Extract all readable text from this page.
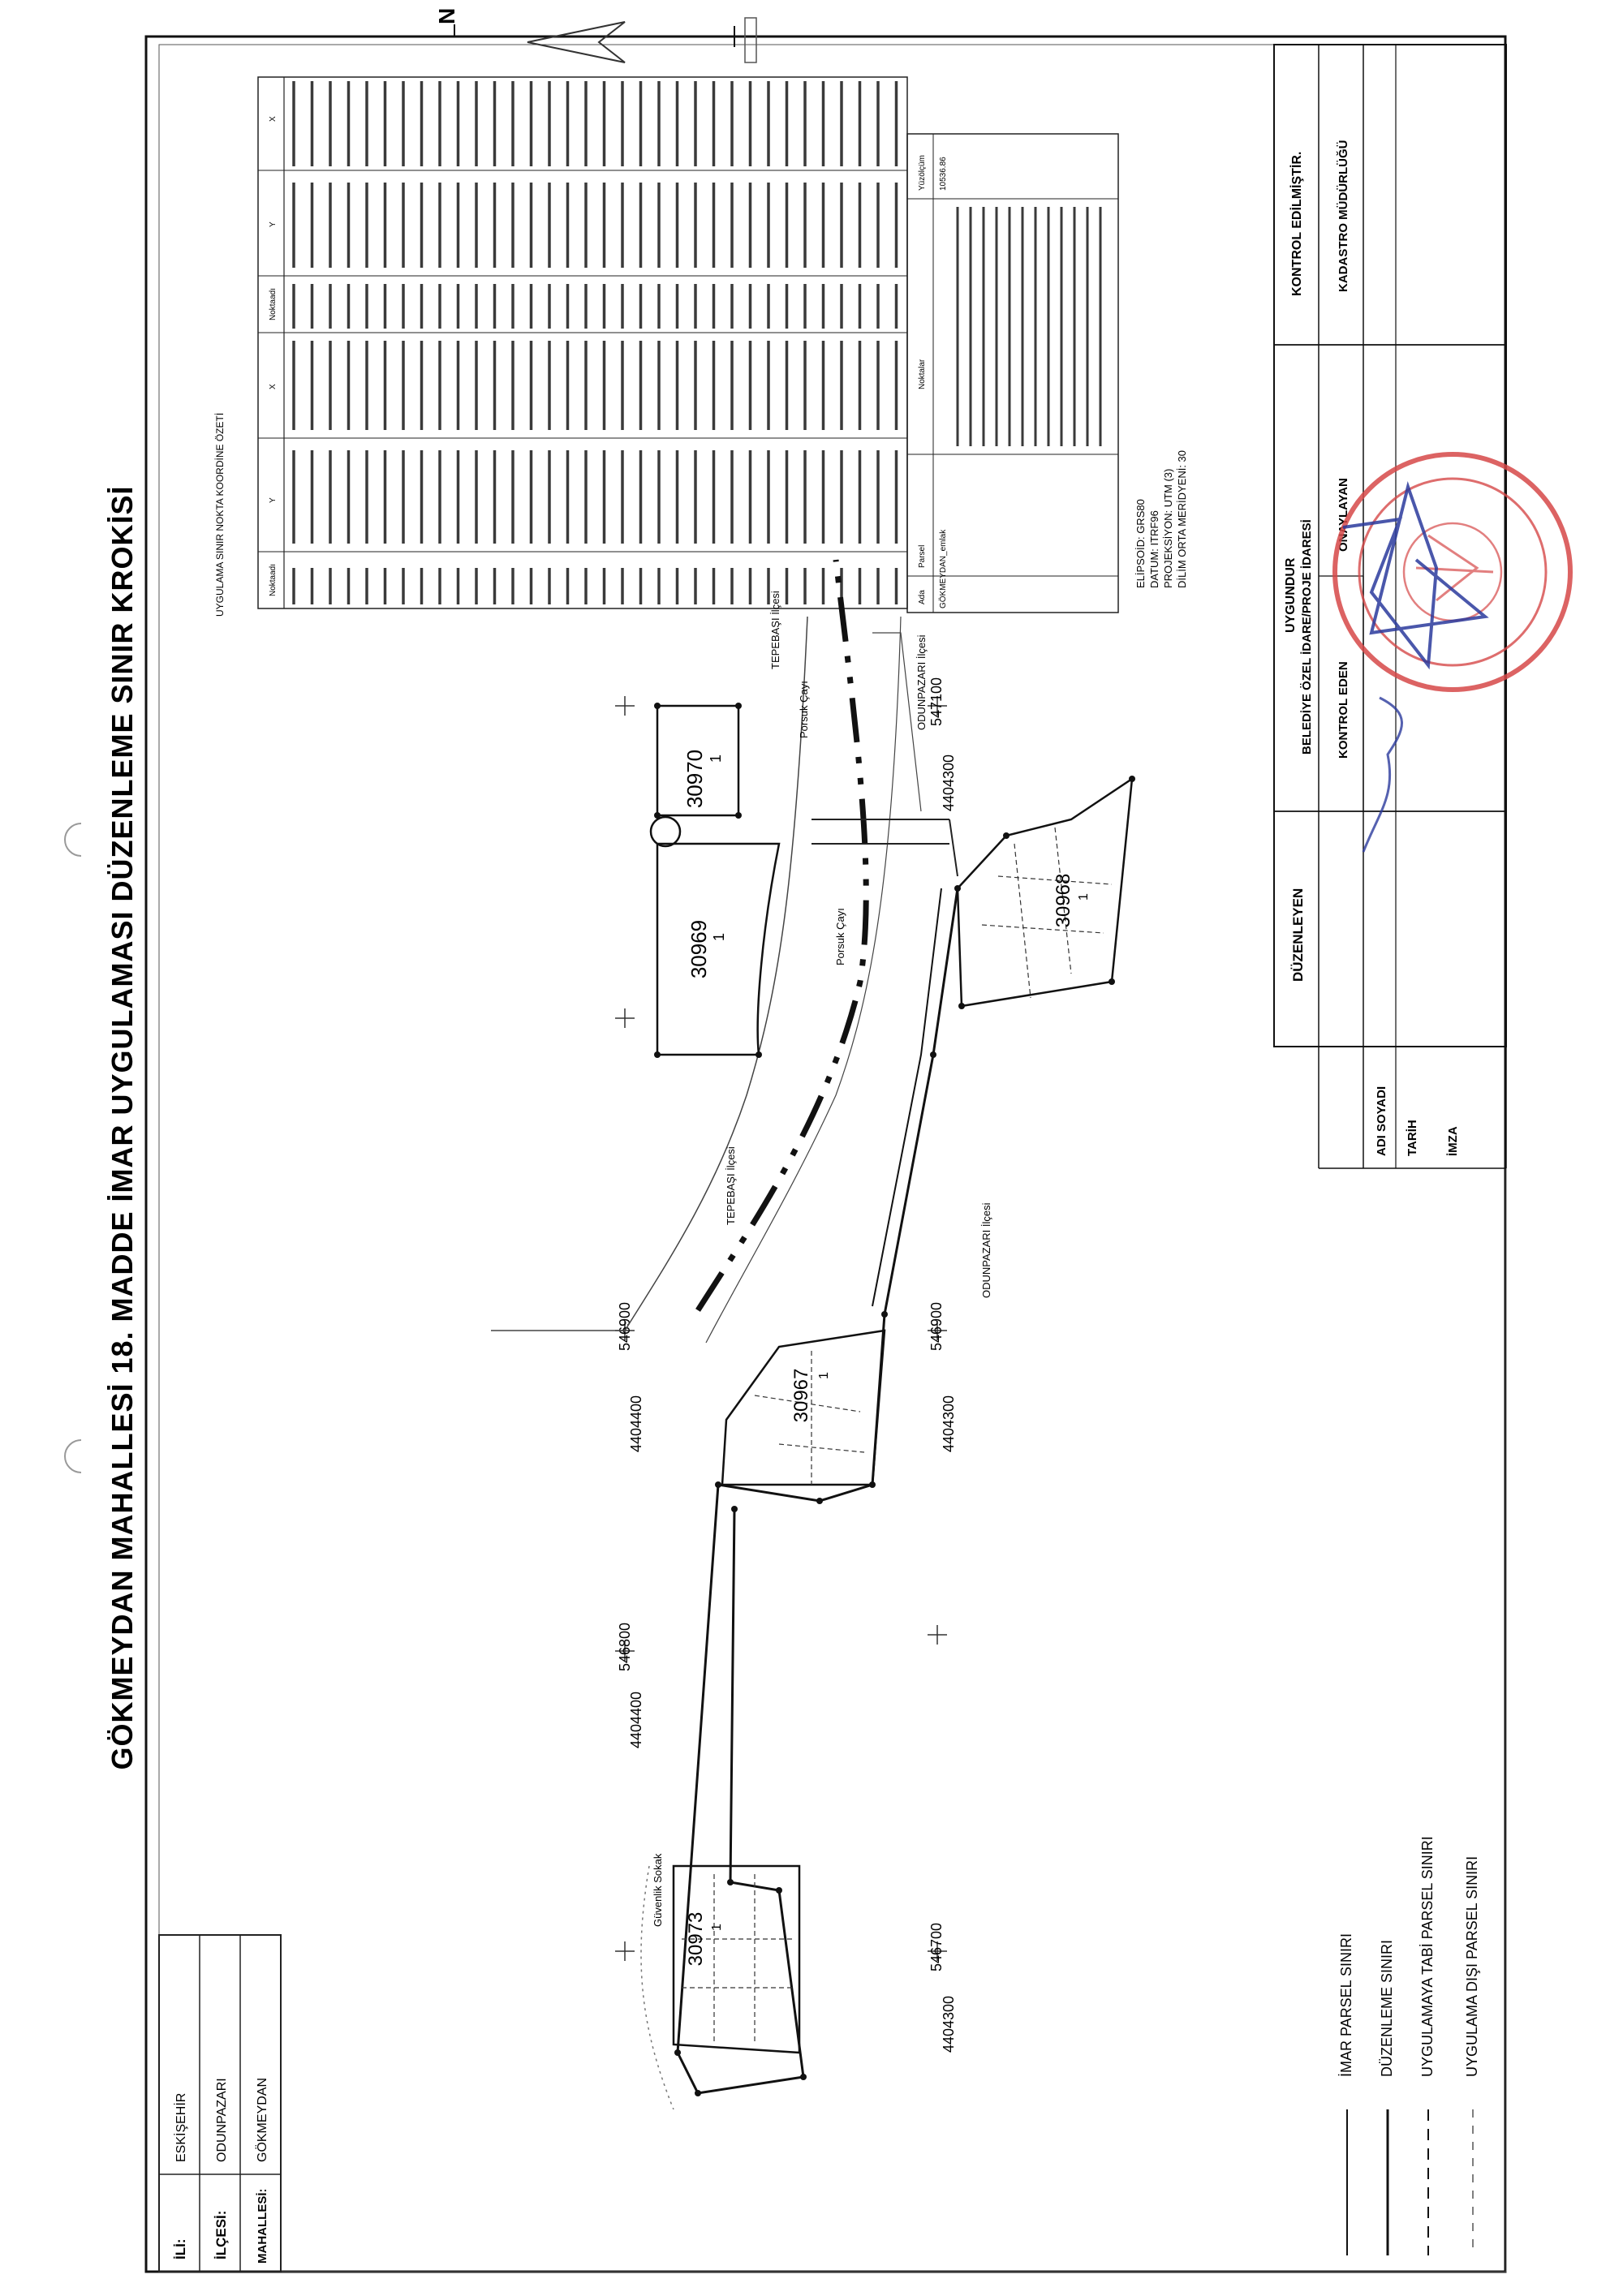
GÖKMEYDAN MAHALLESİ 18. MADDE İMAR UYGULAMASI DÜZENLEME SINIR KROKİSİ
N
İLİ:
ESKİŞEHİR
İLÇESİ:
ODUNPAZARI
MAHALLESİ:
GÖKMEYDAN
UYGULAMA SINIR NOKTA KOORDİNE ÖZETİ	Noktaadı
Y
X
Noktaadı
Y
X
Ada
Parsel
Noktalar
Yüzölçüm
GÖKMEYDAN_emlak
10536.86
ELİPSOİD: GRS80 DATUM: ITRF96 PROJEKSİYON: UTM (3) DİLİM ORTA MERİDYENİ: 30
4404400
546900
4404400
546800
4404300
546900
4404300
547100
4404300
546700
30970 1
30969 1
30968 1
30967 1
30973 1
TEPEBAŞI İlçesi
TEPEBAŞI İlçesi
ODUNPAZARI İlçesi
ODUNPAZARI İlçesi
Porsuk Çayı
Porsuk Çayı
Güvenlik Sokak
DÜZENLEYEN
UYGUNDUR BELEDİYE ÖZEL İDARE/PROJE İDARESİ KONTROL EDEN
ONAYLAYAN
KONTROL EDİLMİŞTİR.	KADASTRO MÜDÜRLÜĞÜ
ADI SOYADI TARİH İMZA
İMAR PARSEL SINIRI DÜZENLEME SINIRI UYGULAMAYA TABİ PARSEL SINIRI UYGULAMA DIŞI PARSEL SINIRI
